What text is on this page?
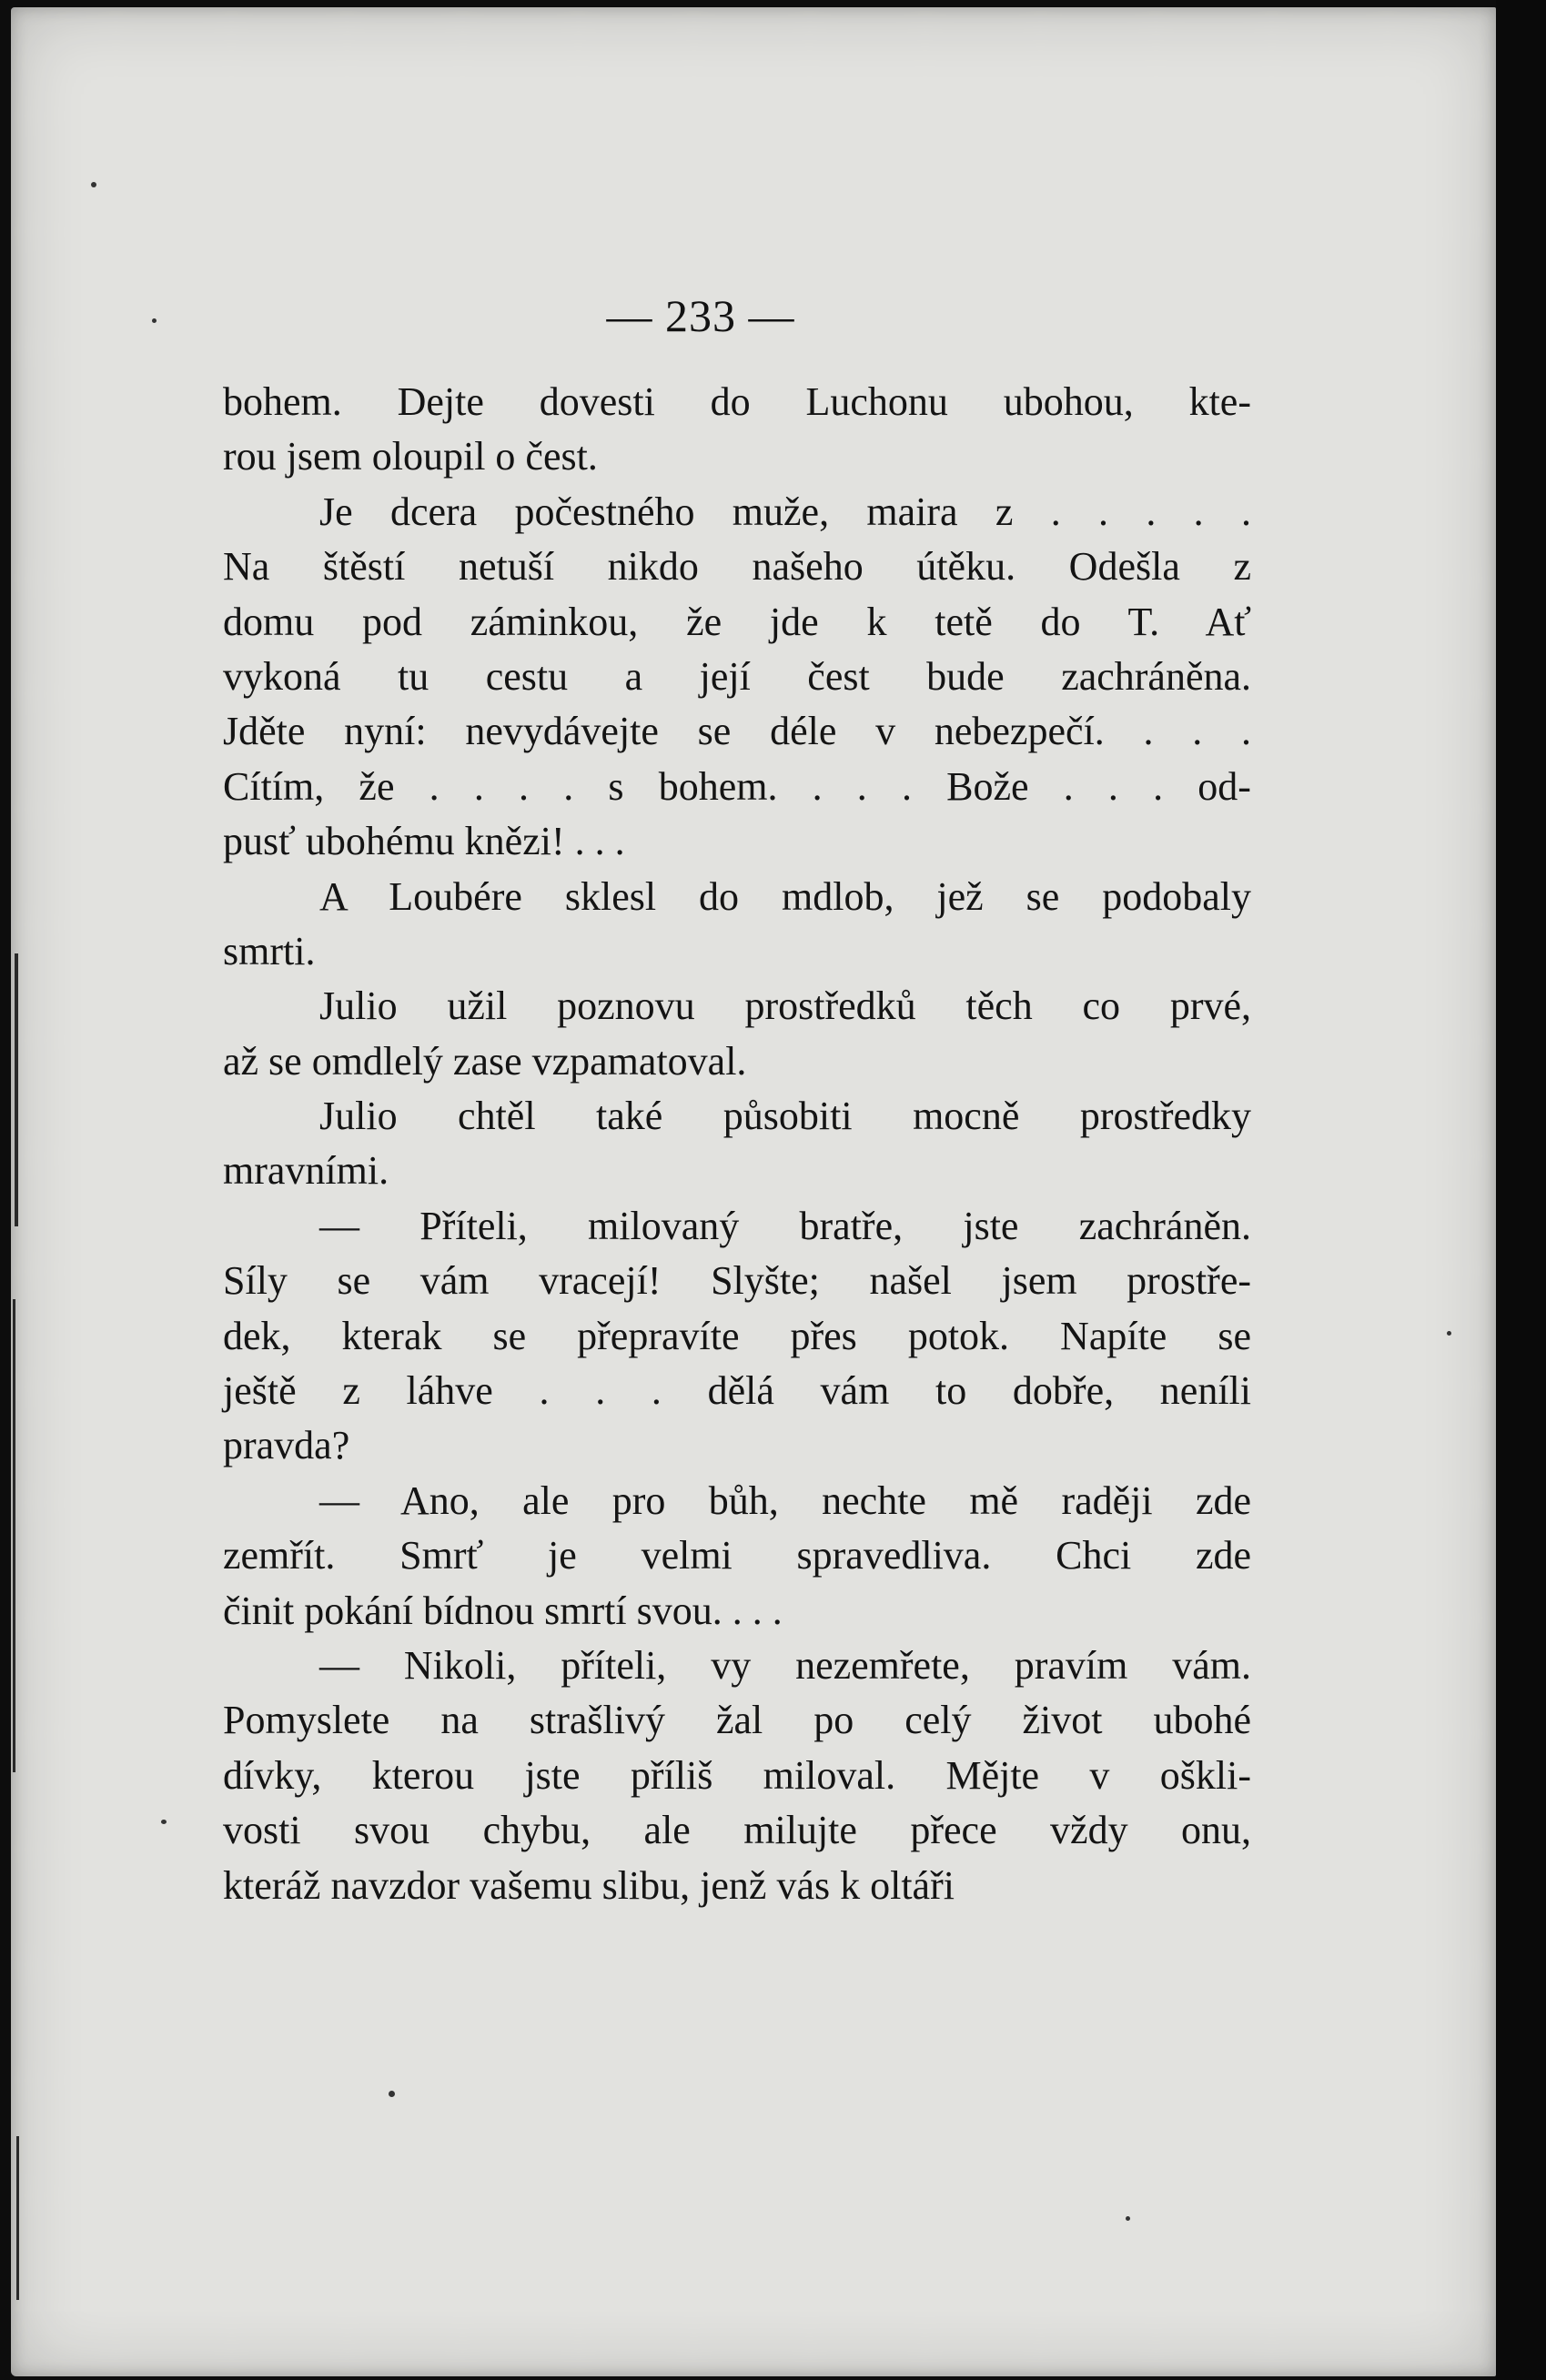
— 233 —
bohem. Dejte dovesti do Luchonu ubohou, kte-
rou jsem oloupil o čest.
Je dcera počestného muže, maira z . . . . .
Na štěstí netuší nikdo našeho útěku. Odešla z
domu pod záminkou, že jde k tetě do T. Ať
vykoná tu cestu a její čest bude zachráněna.
Jděte nyní: nevydávejte se déle v nebezpečí. . . .
Cítím, že . . . . s bohem. . . . Bože . . . od-
pusť ubohému knězi! . . .
A Loubére sklesl do mdlob, jež se podobaly
smrti.
Julio užil poznovu prostředků těch co prvé,
až se omdlelý zase vzpamatoval.
Julio chtěl také působiti mocně prostředky
mravními.
— Příteli, milovaný bratře, jste zachráněn.
Síly se vám vracejí! Slyšte; našel jsem prostře-
dek, kterak se přepravíte přes potok. Napíte se
ještě z láhve . . . dělá vám to dobře, neníli
pravda?
— Ano, ale pro bůh, nechte mě raději zde
zemřít. Smrť je velmi spravedliva. Chci zde
činit pokání bídnou smrtí svou. . . .
— Nikoli, příteli, vy nezemřete, pravím vám.
Pomyslete na strašlivý žal po celý život ubohé
dívky, kterou jste příliš miloval. Mějte v oškli-
vosti svou chybu, ale milujte přece vždy onu,
kteráž navzdor vašemu slibu, jenž vás k oltáři
